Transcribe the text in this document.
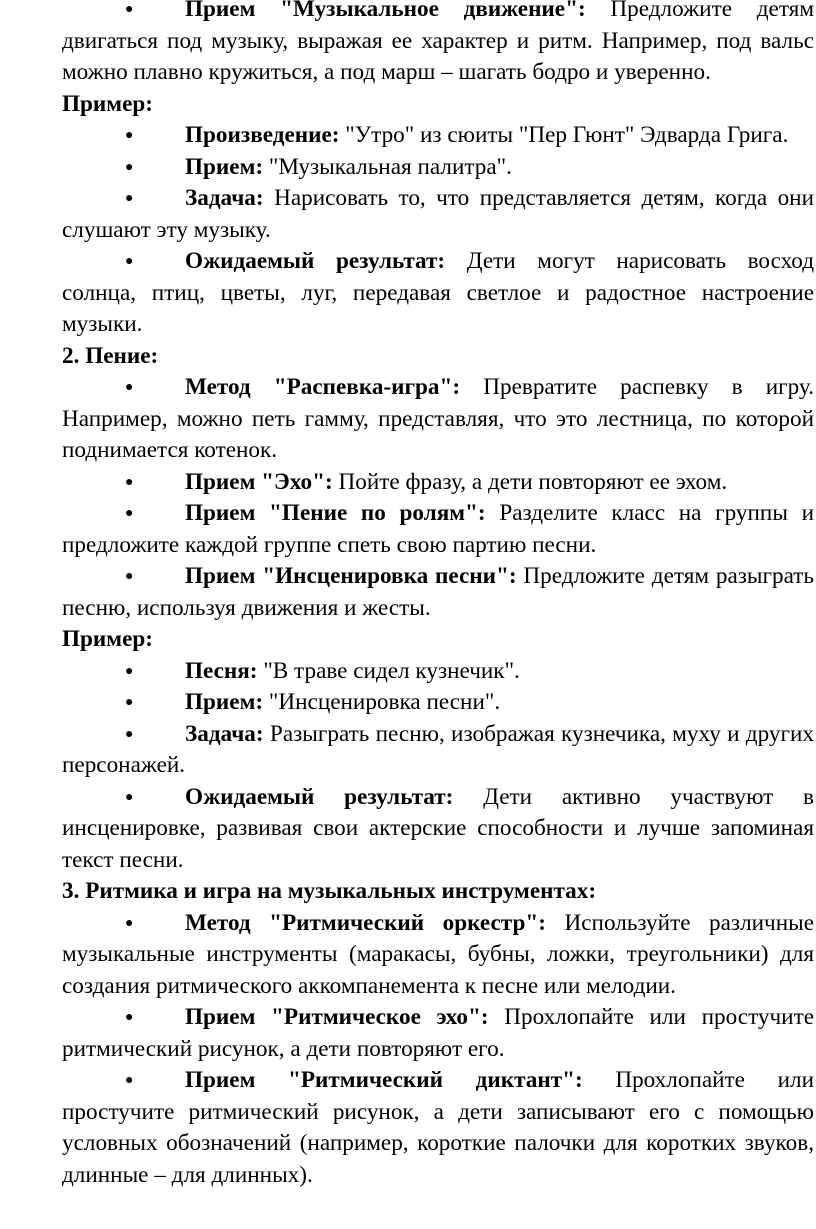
● Прием "Музыкальное движение": Предложите детям двигаться под музыку, выражая ее характер и ритм. Например, под вальс можно плавно кружиться, а под марш – шагать бодро и уверенно.

Пример:

● Произведение: "Утро" из сюиты "Пер Гюнт" Эдварда Грига.

● Прием: "Музыкальная палитра".

● Задача: Нарисовать то, что представляется детям, когда они слушают эту музыку.

● Ожидаемый результат: Дети могут нарисовать восход солнца, птиц, цветы, луг, передавая светлое и радостное настроение музыки.

2. Пение:

● Метод "Распевка-игра": Превратите распевку в игру. Например, можно петь гамму, представляя, что это лестница, по которой поднимается котенок.

● Прием "Эхо": Пойте фразу, а дети повторяют ее эхом.

● Прием "Пение по ролям": Разделите класс на группы и предложите каждой группе спеть свою партию песни.

● Прием "Инсценировка песни": Предложите детям разыграть песню, используя движения и жесты.

Пример:

● Песня: "В траве сидел кузнечик".

● Прием: "Инсценировка песни".

● Задача: Разыграть песню, изображая кузнечика, муху и других персонажей.

● Ожидаемый результат: Дети активно участвуют в инсценировке, развивая свои актерские способности и лучше запоминая текст песни.

3. Ритмика и игра на музыкальных инструментах:

● Метод "Ритмический оркестр": Используйте различные музыкальные инструменты (маракасы, бубны, ложки, треугольники) для создания ритмического аккомпанемента к песне или мелодии.

● Прием "Ритмическое эхо": Прохлопайте или простучите ритмический рисунок, а дети повторяют его.

● Прием "Ритмический диктант": Прохлопайте или простучите ритмический рисунок, а дети записывают его с помощью условных обозначений (например, короткие палочки для коротких звуков, длинные – для длинных).
